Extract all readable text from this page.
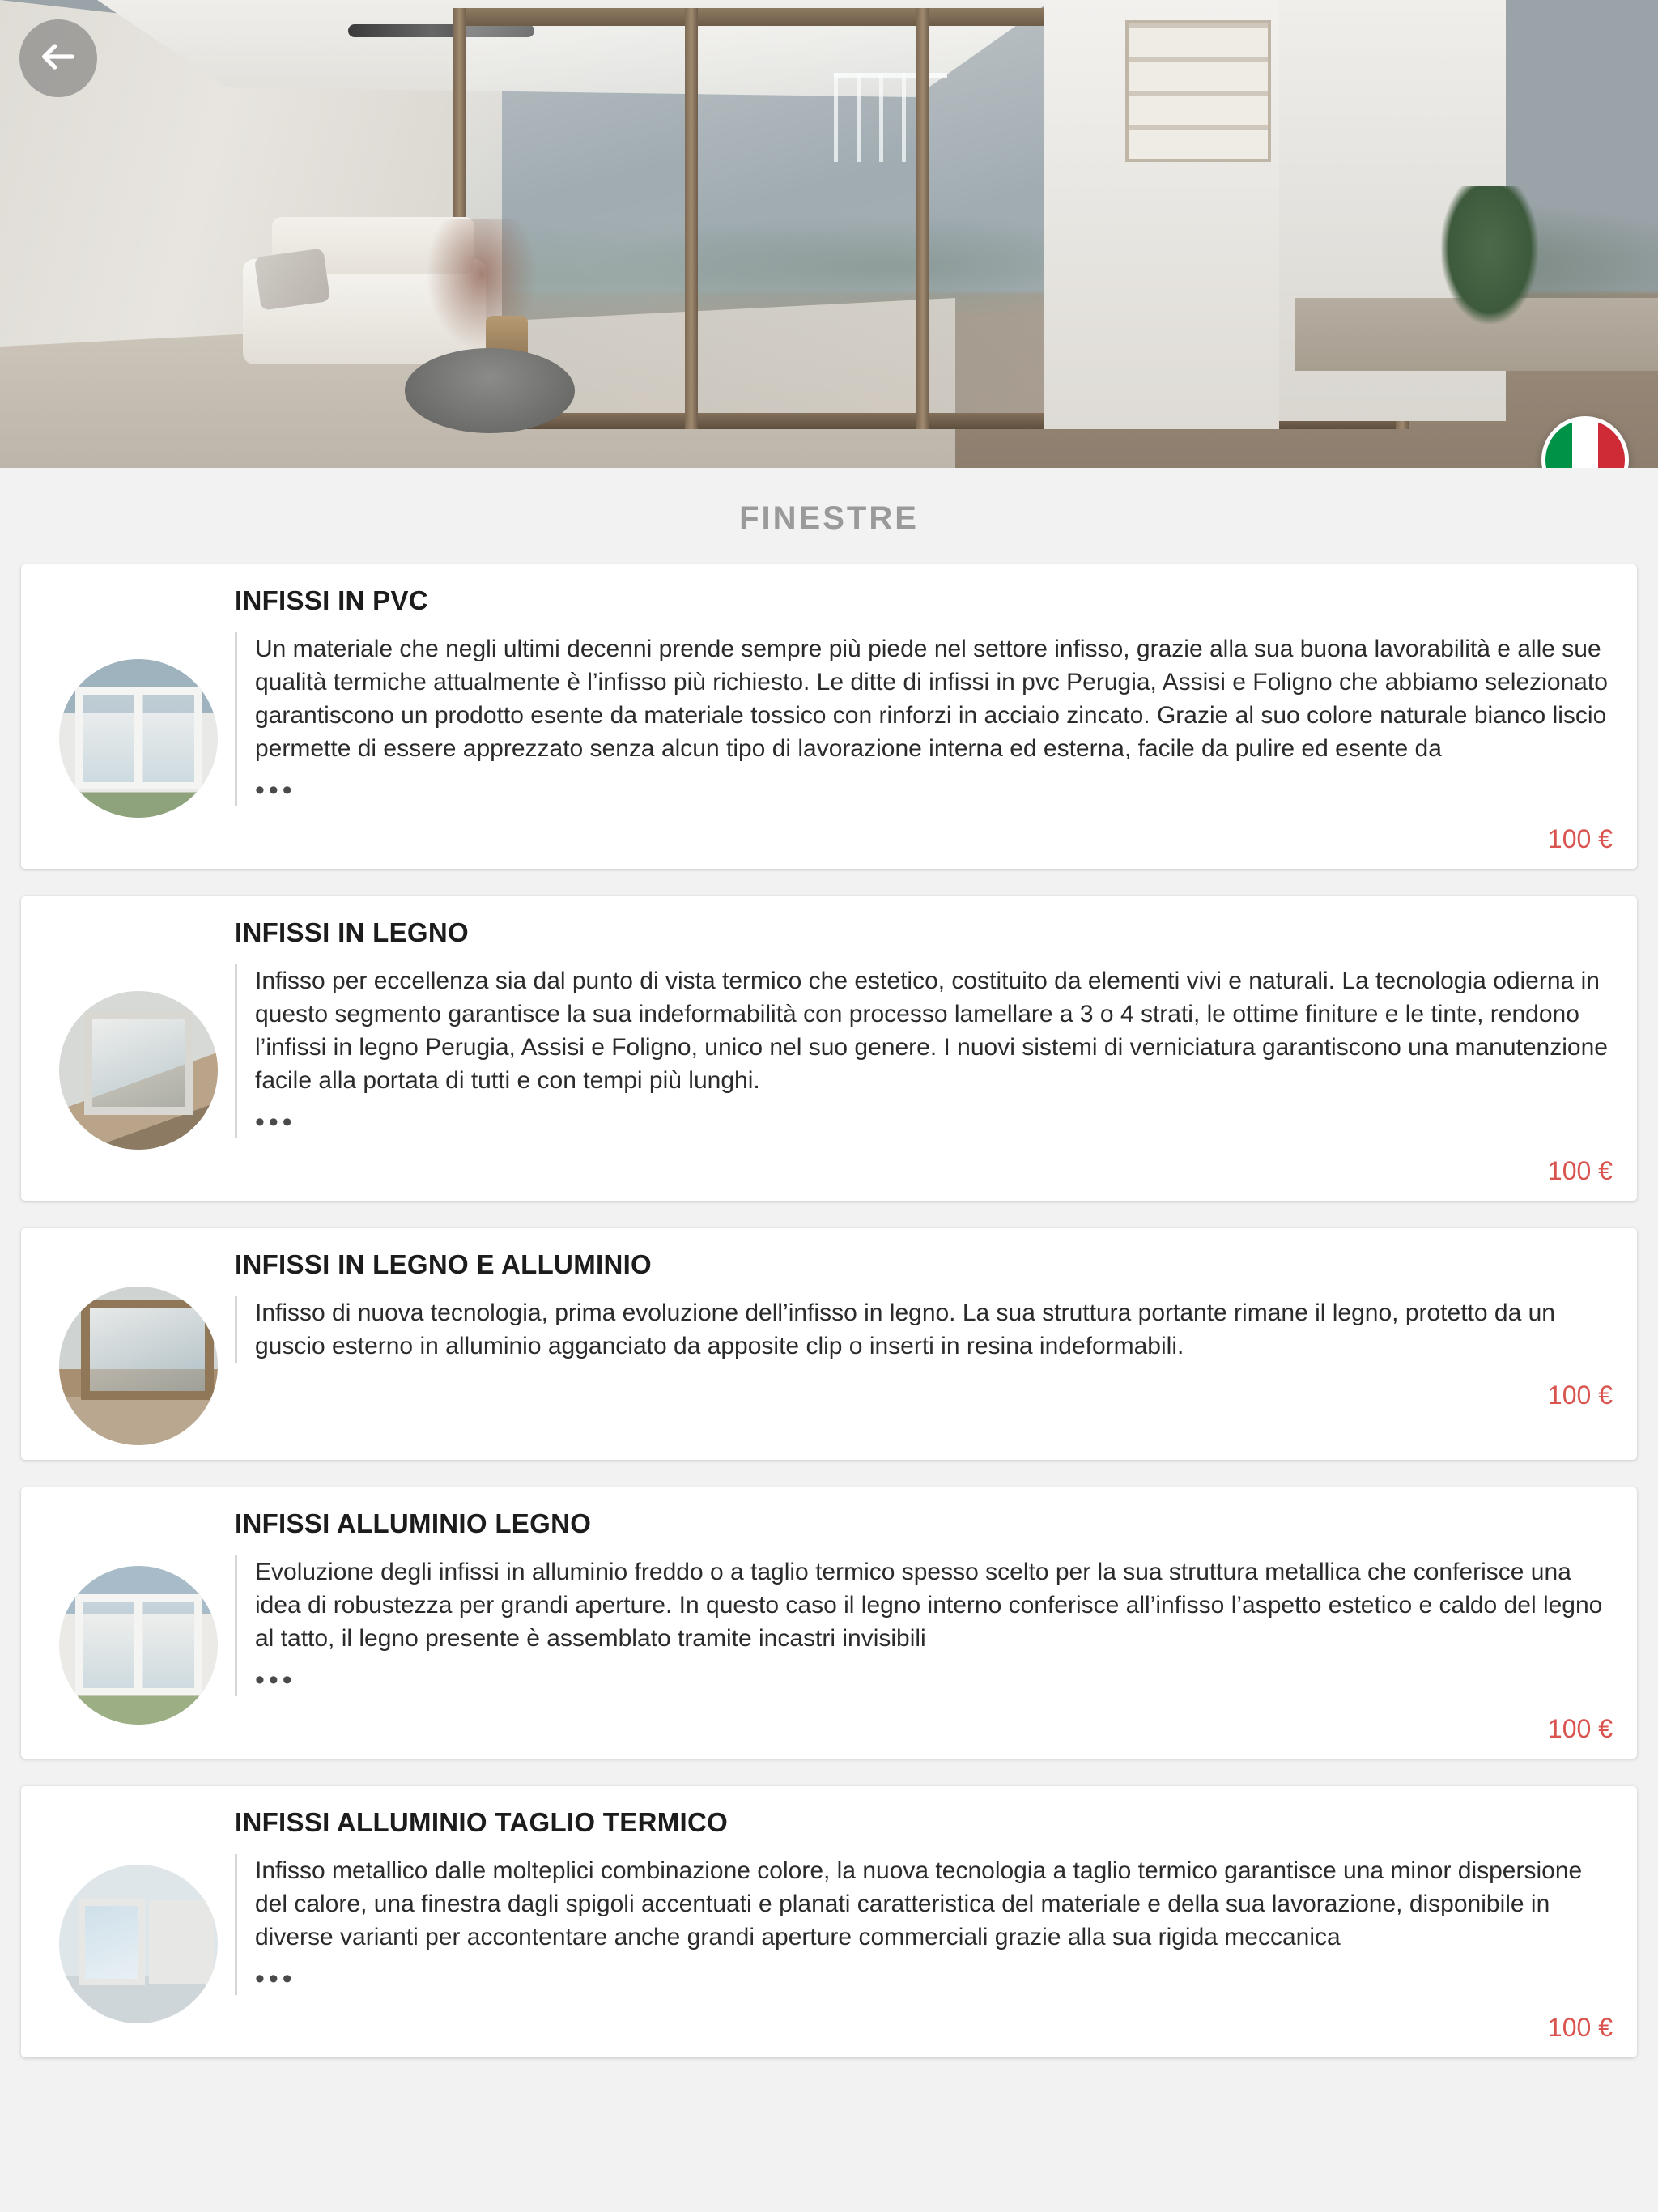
FINESTRE
INFISSI IN PVC
Un materiale che negli ultimi decenni prende sempre più piede nel settore infisso, grazie alla sua buona lavorabilità e alle sue qualità termiche attualmente è l’infisso più richiesto. Le ditte di infissi in pvc Perugia, Assisi e Foligno che abbiamo selezionato garantiscono un prodotto esente da materiale tossico con rinforzi in acciaio zincato. Grazie al suo colore naturale bianco liscio permette di essere apprezzato senza alcun tipo di lavorazione interna ed esterna, facile da pulire ed esente da
•••
100 €
INFISSI IN LEGNO
Infisso per eccellenza sia dal punto di vista termico che estetico, costituito da elementi vivi e naturali. La tecnologia odierna in questo segmento garantisce la sua indeformabilità con processo lamellare a 3 o 4 strati, le ottime finiture e le tinte, rendono l’infissi in legno Perugia, Assisi e Foligno, unico nel suo genere. I nuovi sistemi di verniciatura garantiscono una manutenzione facile alla portata di tutti e con tempi più lunghi.
•••
100 €
INFISSI IN LEGNO E ALLUMINIO
Infisso di nuova tecnologia, prima evoluzione dell’infisso in legno. La sua struttura portante rimane il legno, protetto da un guscio esterno in alluminio agganciato da apposite clip o inserti in resina indeformabili.
100 €
INFISSI ALLUMINIO LEGNO
Evoluzione degli infissi in alluminio freddo o a taglio termico spesso scelto per la sua struttura metallica che conferisce una idea di robustezza per grandi aperture. In questo caso il legno interno conferisce all’infisso l’aspetto estetico e caldo del legno al tatto, il legno presente è assemblato tramite incastri invisibili
•••
100 €
INFISSI ALLUMINIO TAGLIO TERMICO
Infisso metallico dalle molteplici combinazione colore, la nuova tecnologia a taglio termico garantisce una minor dispersione del calore, una finestra dagli spigoli accentuati e planati caratteristica del materiale e della sua lavorazione, disponibile in diverse varianti per accontentare anche grandi aperture commerciali grazie alla sua rigida meccanica
•••
100 €
